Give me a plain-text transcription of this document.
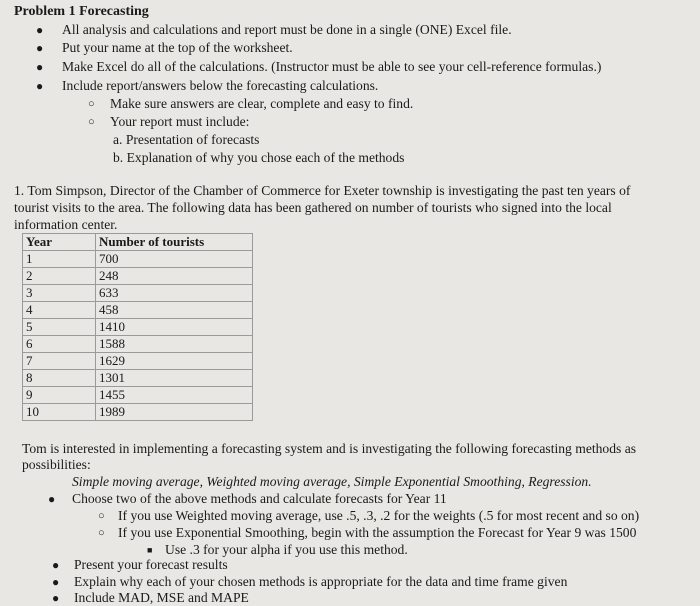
Problem 1 Forecasting
● All analysis and calculations and report must be done in a single (ONE) Excel file.
● Put your name at the top of the worksheet.
● Make Excel do all of the calculations. (Instructor must be able to see your cell-reference formulas.)
● Include report/answers below the forecasting calculations.
○ Make sure answers are clear, complete and easy to find.
○ Your report must include:
a. Presentation of forecasts
b. Explanation of why you chose each of the methods
1. Tom Simpson, Director of the Chamber of Commerce for Exeter township is investigating the past ten years of
tourist visits to the area. The following data has been gathered on number of tourists who signed into the local
information center.
Year	Number of tourists
1	700
2	248
3	633
4	458
5	1410
6	1588
7	1629
8	1301
9	1455
10	1989
Tom is interested in implementing a forecasting system and is investigating the following forecasting methods as
possibilities:
Simple moving average, Weighted moving average, Simple Exponential Smoothing, Regression.
● Choose two of the above methods and calculate forecasts for Year 11
○ If you use Weighted moving average, use .5, .3, .2 for the weights (.5 for most recent and so on)
○ If you use Exponential Smoothing, begin with the assumption the Forecast for Year 9 was 1500
■ Use .3 for your alpha if you use this method.
● Present your forecast results
● Explain why each of your chosen methods is appropriate for the data and time frame given
● Include MAD, MSE and MAPE
